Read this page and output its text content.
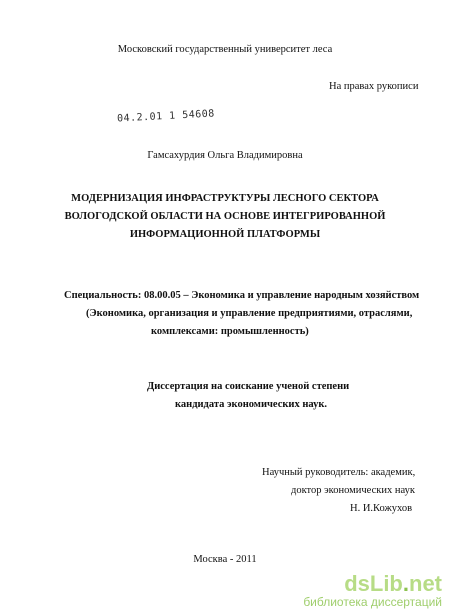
Московский государственный университет леса
На правах рукописи
04.2.01 1 54608
Гамсахурдия Ольга Владимировна
МОДЕРНИЗАЦИЯ ИНФРАСТРУКТУРЫ ЛЕСНОГО СЕКТОРА
ВОЛОГОДСКОЙ ОБЛАСТИ НА ОСНОВЕ ИНТЕГРИРОВАННОЙ
ИНФОРМАЦИОННОЙ ПЛАТФОРМЫ
Специальность: 08.00.05 – Экономика и управление народным хозяйством
(Экономика, организация и управление предприятиями, отраслями,
комплексами: промышленность)
Диссертация на соискание ученой степени
кандидата экономических наук.
Научный руководитель: академик,
доктор экономических наук
Н. И.Кожухов
Москва - 2011
dsLib.net
библиотека диссертаций
